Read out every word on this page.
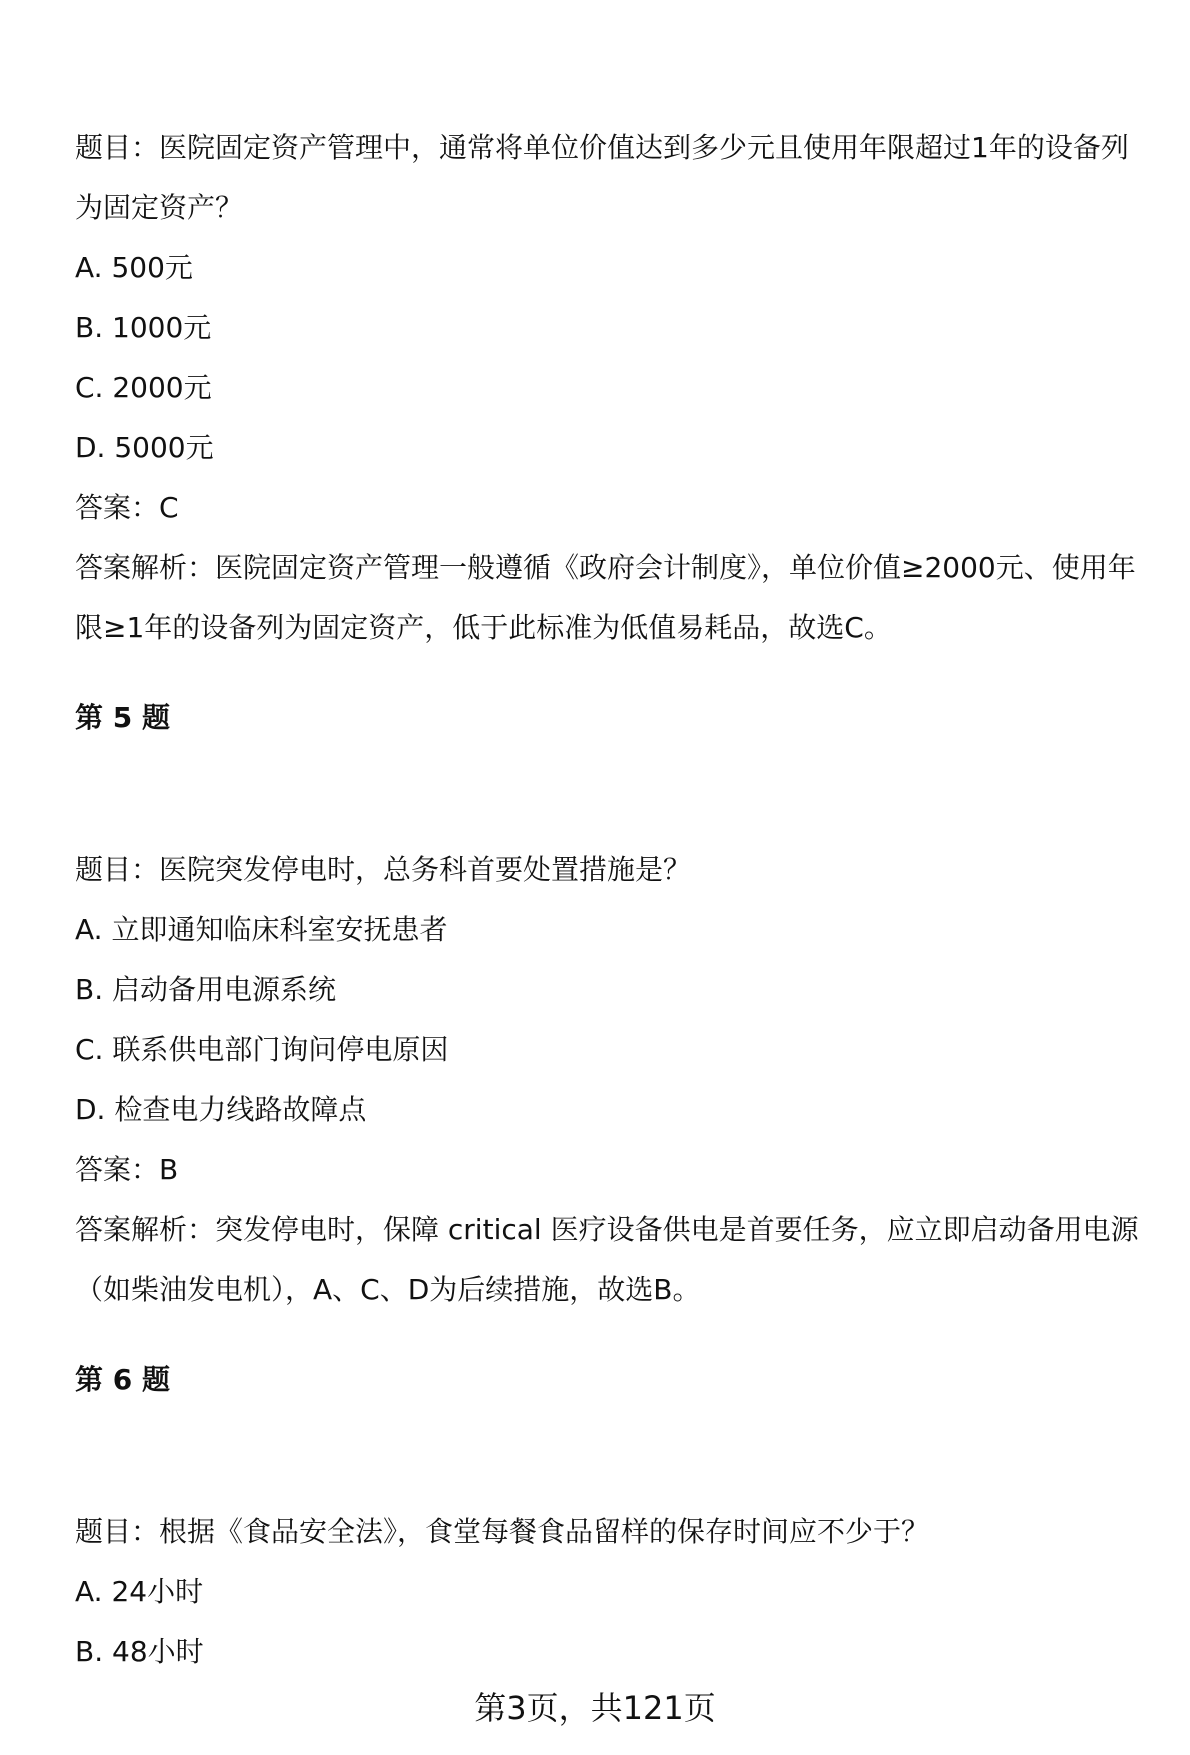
题目：医院固定资产管理中，通常将单位价值达到多少元且使用年限超过1年的设备列为固定资产？

A. 500元

B. 1000元

C. 2000元

D. 5000元

答案：C

答案解析：医院固定资产管理一般遵循《政府会计制度》，单位价值≥2000元、使用年限≥1年的设备列为固定资产，低于此标准为低值易耗品，故选C。

第 5 题

题目：医院突发停电时，总务科首要处置措施是？

A. 立即通知临床科室安抚患者

B. 启动备用电源系统

C. 联系供电部门询问停电原因

D. 检查电力线路故障点

答案：B

答案解析：突发停电时，保障 critical 医疗设备供电是首要任务，应立即启动备用电源（如柴油发电机），A、C、D为后续措施，故选B。

第 6 题

题目：根据《食品安全法》，食堂每餐食品留样的保存时间应不少于？

A. 24小时

B. 48小时

第3页，共121页
